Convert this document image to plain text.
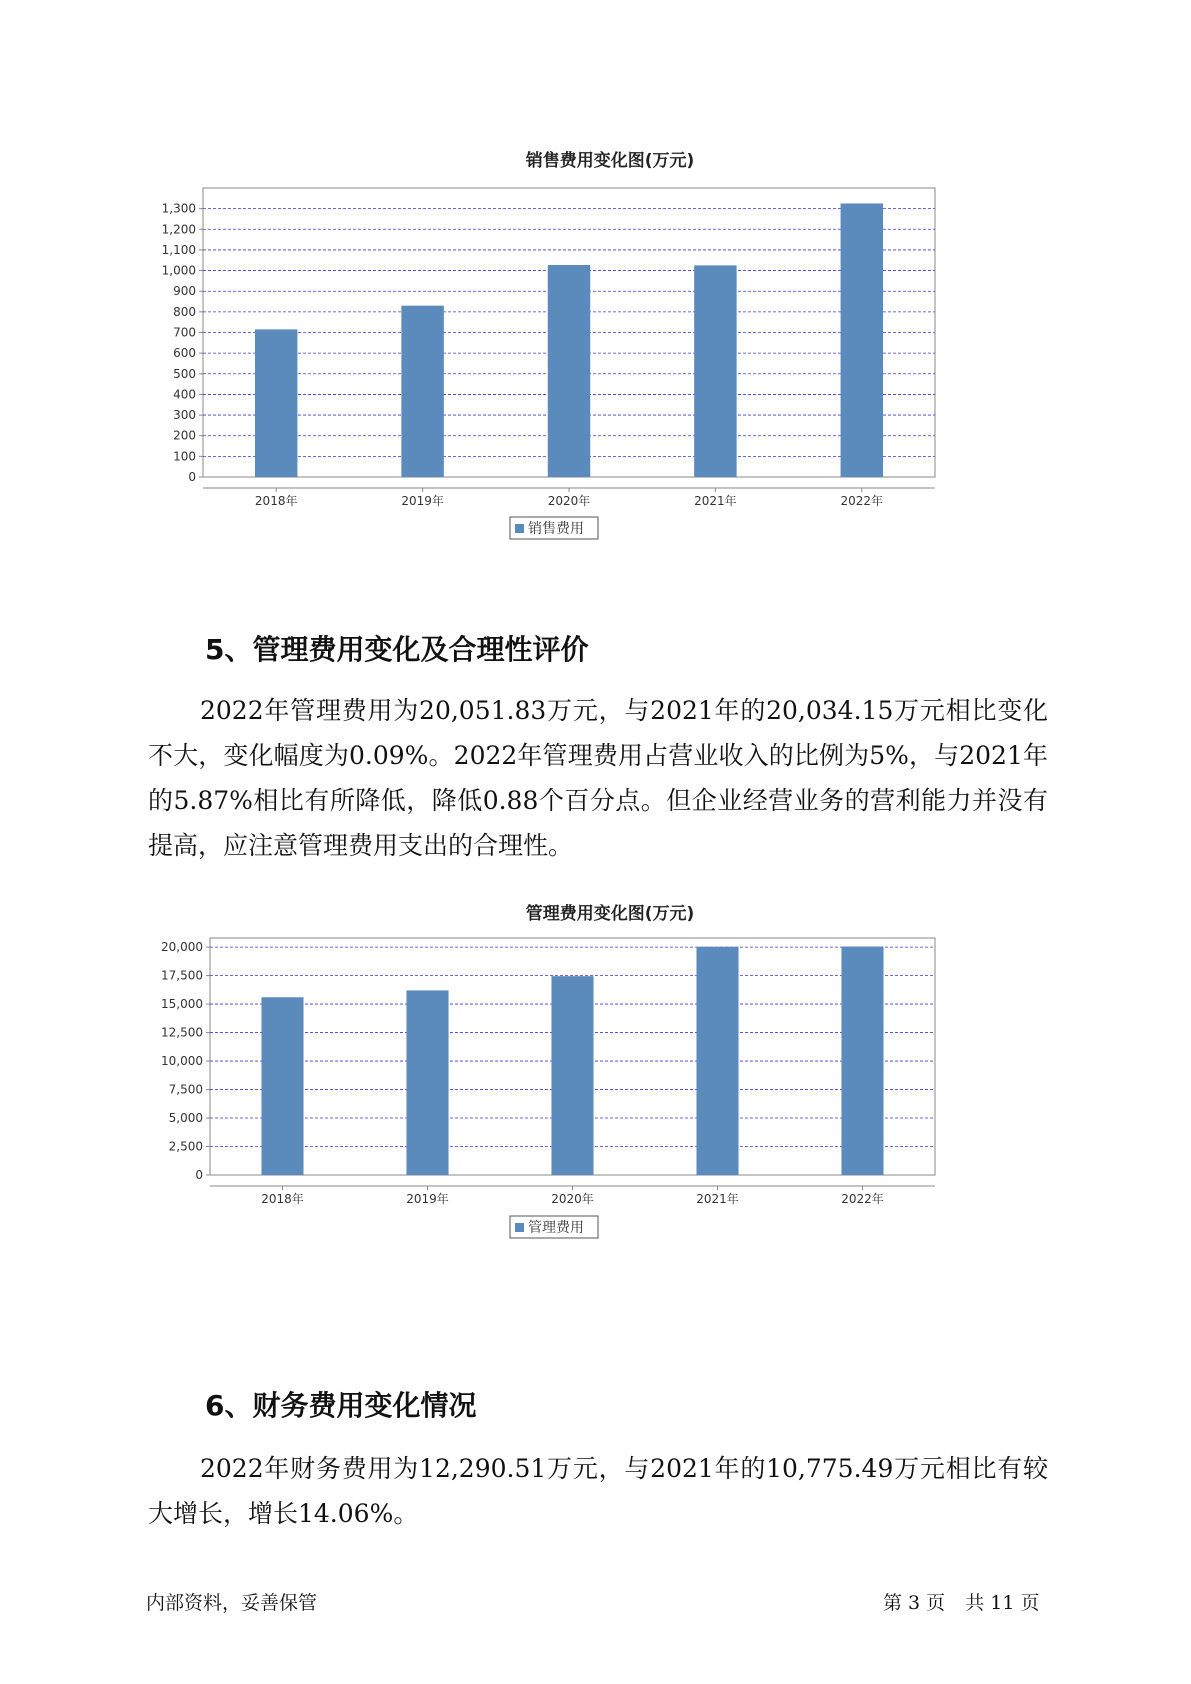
销售费用变化图(万元)
0
100
200
300
400
500
600
700
800
900
1,000
1,100
1,200
1,300
2018年	2019年	2020年	2021年	2022年
销售费用
5、管理费用变化及合理性评价
2022年管理费用为20,051.83万元，与2021年的20,034.15万元相比变化不大，变化幅度为0.09%。2022年管理费用占营业收入的比例为5%，与2021年的5.87%相比有所降低，降低0.88个百分点。但企业经营业务的营利能力并没有提高，应注意管理费用支出的合理性。
管理费用变化图(万元)
0
2,500
5,000
7,500
10,000
12,500
15,000
17,500
20,000
2018年	2019年	2020年	2021年	2022年
管理费用
6、财务费用变化情况
2022年财务费用为12,290.51万元，与2021年的10,775.49万元相比有较大增长，增长14.06%。
内部资料，妥善保管	第 3 页 共 11 页
